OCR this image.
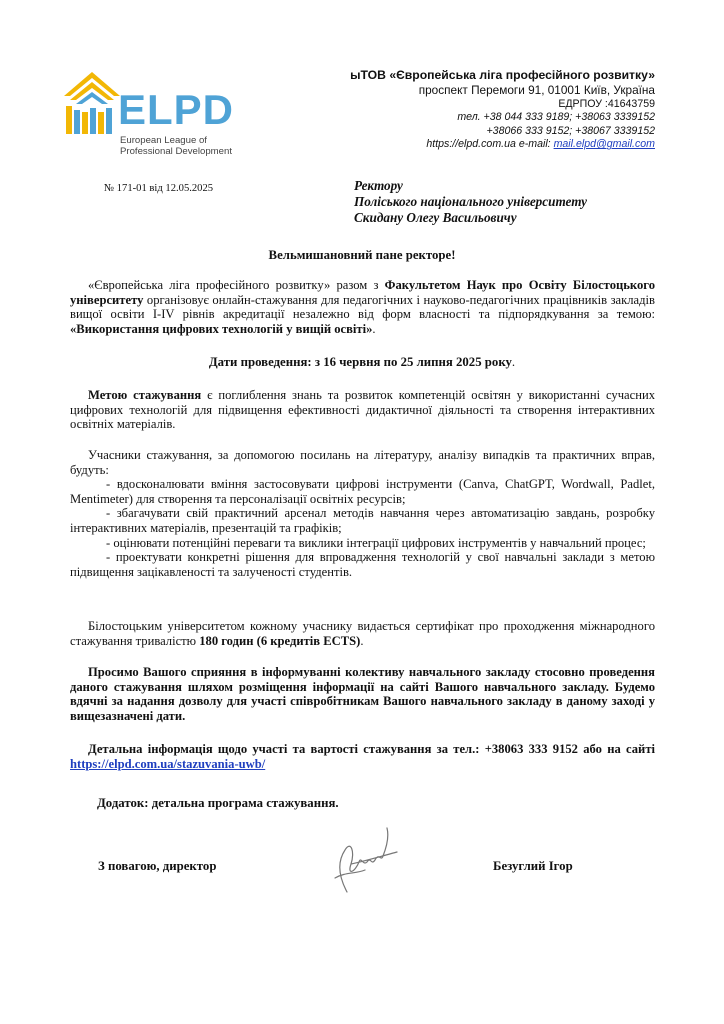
ELPD
European League of
Professional Development
ыТОВ «Європейська ліга професійного розвитку»
проспект Перемоги 91, 01001 Київ, Україна
ЕДРПОУ :41643759
тел. +38 044 333 9189; +38063 3339152
+38066 333 9152; +38067 3339152
https://elpd.com.ua e-mail: mail.elpd@gmail.com
№ 171-01 від 12.05.2025	Ректору
Поліського національного університету
Скидану Олегу Васильовичу
Вельмишановний пане ректоре!
«Європейська ліга професійного розвитку» разом з Факультетом Наук про Освіту Білостоцького університету організовує онлайн-стажування для педагогічних і науково-педагогічних працівників закладів вищої освіти І-ІV рівнів акредитації незалежно від форм власності та підпорядкування за темою: «Використання цифрових технологій у вищій освіті».
Дати проведення: з 16 червня по 25 липня 2025 року.
Метою стажування є поглиблення знань та розвиток компетенцій освітян у використанні сучасних цифрових технологій для підвищення ефективності дидактичної діяльності та створення інтерактивних освітніх матеріалів.
Учасники стажування, за допомогою посилань на літературу, аналізу випадків та практичних вправ, будуть:
- вдосконалювати вміння застосовувати цифрові інструменти (Canva, ChatGPT, Wordwall, Padlet, Mentimeter) для створення та персоналізації освітніх ресурсів;
- збагачувати свій практичний арсенал методів навчання через автоматизацію завдань, розробку інтерактивних матеріалів, презентацій та графіків;
- оцінювати потенційні переваги та виклики інтеграції цифрових інструментів у навчальний процес;
- проектувати конкретні рішення для впровадження технологій у свої навчальні заклади з метою підвищення зацікавленості та залученості студентів.
Білостоцьким університетом кожному учаснику видається сертифікат про проходження міжнародного стажування тривалістю 180 годин (6 кредитів ECTS).
Просимо Вашого сприяння в інформуванні колективу навчального закладу стосовно проведення даного стажування шляхом розміщення інформації на сайті Вашого навчального закладу. Будемо вдячні за надання дозволу для участі співробітникам Вашого навчального закладу в даному заході у вищезазначені дати.
Детальна інформація щодо участі та вартості стажування за тел.: +38063 333 9152 або на сайті https://elpd.com.ua/stazuvania-uwb/
Додаток: детальна програма стажування.
З повагою, директор	Безуглий Ігор
